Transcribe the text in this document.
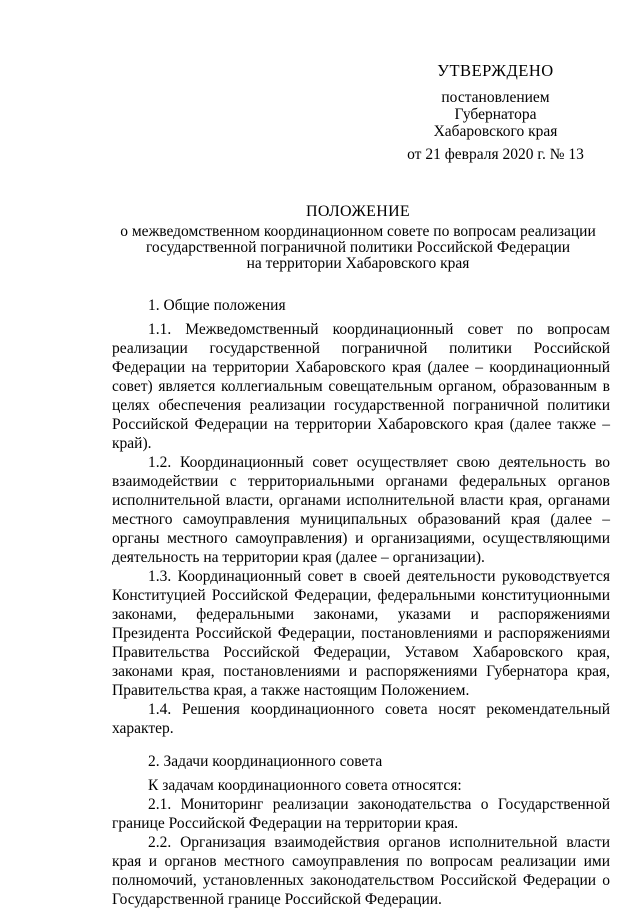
УТВЕРЖДЕНО
постановлением
Губернатора
Хабаровского края
от 21 февраля 2020 г. № 13
ПОЛОЖЕНИЕ
о межведомственном координационном совете по вопросам реализации
государственной пограничной политики Российской Федерации
на территории Хабаровского края
1. Общие положения

1.1. Межведомственный координационный совет по вопросам реализации государственной пограничной политики Российской Федерации на территории Хабаровского края (далее – координационный совет) является коллегиальным совещательным органом, образованным в целях обеспечения реализации государственной пограничной политики Российской Федерации на территории Хабаровского края (далее также – край).

1.2. Координационный совет осуществляет свою деятельность во взаимодействии с территориальными органами федеральных органов исполнительной власти, органами исполнительной власти края, органами местного самоуправления муниципальных образований края (далее – органы местного самоуправления) и организациями, осуществляющими деятельность на территории края (далее – организации).

1.3. Координационный совет в своей деятельности руководствуется Конституцией Российской Федерации, федеральными конституционными законами, федеральными законами, указами и распоряжениями Президента Российской Федерации, постановлениями и распоряжениями Правительства Российской Федерации, Уставом Хабаровского края, законами края, постановлениями и распоряжениями Губернатора края, Правительства края, а также настоящим Положением.

1.4. Решения координационного совета носят рекомендательный характер.

2. Задачи координационного совета

К задачам координационного совета относятся:

2.1. Мониторинг реализации законодательства о Государственной границе Российской Федерации на территории края.

2.2. Организация взаимодействия органов исполнительной власти края и органов местного самоуправления по вопросам реализации ими полномочий, установленных законодательством Российской Федерации о Государственной границе Российской Федерации.
